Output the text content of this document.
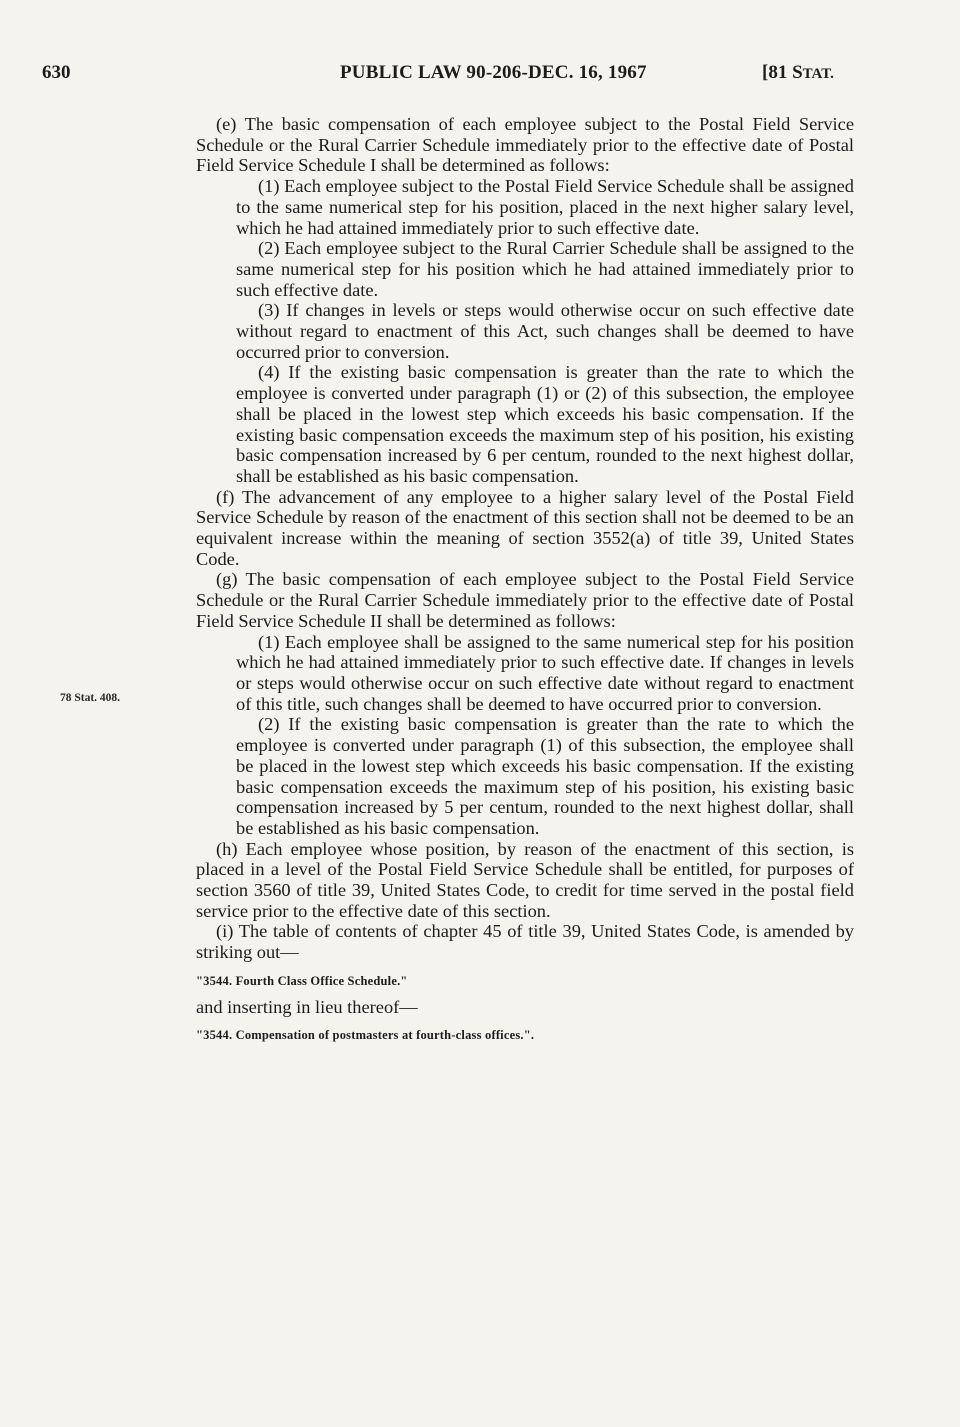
630	PUBLIC LAW 90-206-DEC. 16, 1967	[81 STAT.
78 Stat. 408.

(e) The basic compensation of each employee subject to the Postal Field Service Schedule or the Rural Carrier Schedule immediately prior to the effective date of Postal Field Service Schedule I shall be determined as follows:

(1) Each employee subject to the Postal Field Service Schedule shall be assigned to the same numerical step for his position, placed in the next higher salary level, which he had attained immediately prior to such effective date.

(2) Each employee subject to the Rural Carrier Schedule shall be assigned to the same numerical step for his position which he had attained immediately prior to such effective date.

(3) If changes in levels or steps would otherwise occur on such effective date without regard to enactment of this Act, such changes shall be deemed to have occurred prior to conversion.

(4) If the existing basic compensation is greater than the rate to which the employee is converted under paragraph (1) or (2) of this subsection, the employee shall be placed in the lowest step which exceeds his basic compensation. If the existing basic compensation exceeds the maximum step of his position, his existing basic compensation increased by 6 per centum, rounded to the next highest dollar, shall be established as his basic compensation.

(f) The advancement of any employee to a higher salary level of the Postal Field Service Schedule by reason of the enactment of this section shall not be deemed to be an equivalent increase within the meaning of section 3552(a) of title 39, United States Code.

(g) The basic compensation of each employee subject to the Postal Field Service Schedule or the Rural Carrier Schedule immediately prior to the effective date of Postal Field Service Schedule II shall be determined as follows:

(1) Each employee shall be assigned to the same numerical step for his position which he had attained immediately prior to such effective date. If changes in levels or steps would otherwise occur on such effective date without regard to enactment of this title, such changes shall be deemed to have occurred prior to conversion.

(2) If the existing basic compensation is greater than the rate to which the employee is converted under paragraph (1) of this subsection, the employee shall be placed in the lowest step which exceeds his basic compensation. If the existing basic compensation exceeds the maximum step of his position, his existing basic compensation increased by 5 per centum, rounded to the next highest dollar, shall be established as his basic compensation.

(h) Each employee whose position, by reason of the enactment of this section, is placed in a level of the Postal Field Service Schedule shall be entitled, for purposes of section 3560 of title 39, United States Code, to credit for time served in the postal field service prior to the effective date of this section.

(i) The table of contents of chapter 45 of title 39, United States Code, is amended by striking out—

"3544. Fourth Class Office Schedule."

and inserting in lieu thereof—

"3544. Compensation of postmasters at fourth-class offices.".
